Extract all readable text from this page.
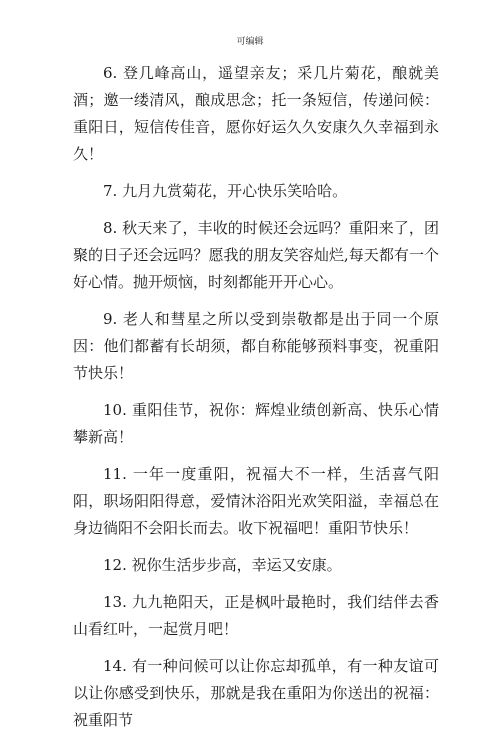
可编辑

6. 登几峰高山，遥望亲友；采几片菊花，酿就美酒；邀一缕清风，酿成思念；托一条短信，传递问候：重阳日，短信传佳音，愿你好运久久安康久久幸福到永久！

7. 九月九赏菊花，开心快乐笑哈哈。

8. 秋天来了，丰收的时候还会远吗？重阳来了，团聚的日子还会远吗？愿我的朋友笑容灿烂,每天都有一个好心情。抛开烦恼，时刻都能开开心心。

9. 老人和彗星之所以受到崇敬都是出于同一个原因：他们都蓄有长胡须，都自称能够预料事变，祝重阳节快乐！

10. 重阳佳节，祝你：辉煌业绩创新高、快乐心情攀新高！

11. 一年一度重阳，祝福大不一样，生活喜气阳阳，职场阳阳得意，爱情沐浴阳光欢笑阳溢，幸福总在身边徜阳不会阳长而去。收下祝福吧！重阳节快乐！

12. 祝你生活步步高，幸运又安康。

13. 九九艳阳天，正是枫叶最艳时，我们结伴去香山看红叶，一起赏月吧！

14. 有一种问候可以让你忘却孤单，有一种友谊可以让你感受到快乐，那就是我在重阳为你送出的祝福：祝重阳节
